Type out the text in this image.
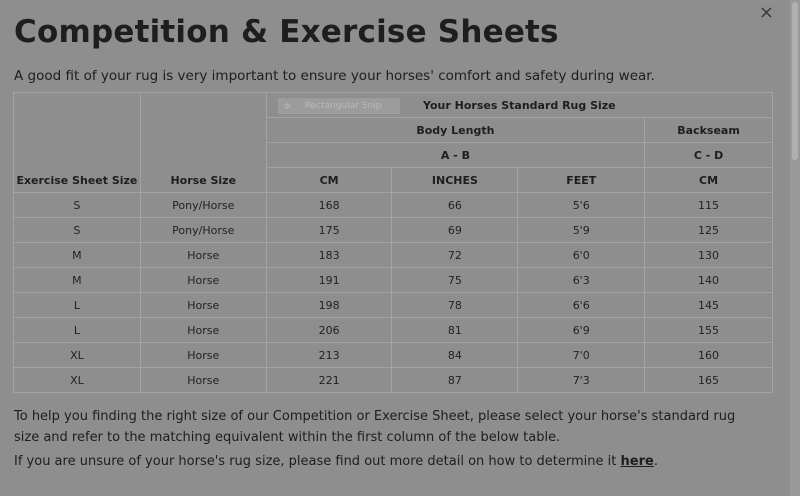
×
Competition & Exercise Sheets

A good fit of your rug is very important to ensure your horses' comfort and safety during wear.

Exercise Sheet Size	Horse Size	Your Horses Standard Rug Size			
		Body Length			Backseam
		A - B			C - D
		CM	INCHES	FEET	CM
S	Pony/Horse	168	66	5'6	115
S	Pony/Horse	175	69	5'9	125
M	Horse	183	72	6'0	130
M	Horse	191	75	6'3	140
L	Horse	198	78	6'6	145
L	Horse	206	81	6'9	155
XL	Horse	213	84	7'0	160
XL	Horse	221	87	7'3	165
✲ Rectangular Snip

To help you finding the right size of our Competition or Exercise Sheet, please select your horse's standard rug size and refer to the matching equivalent within the first column of the below table.

If you are unsure of your horse's rug size, please find out more detail on how to determine it here.
